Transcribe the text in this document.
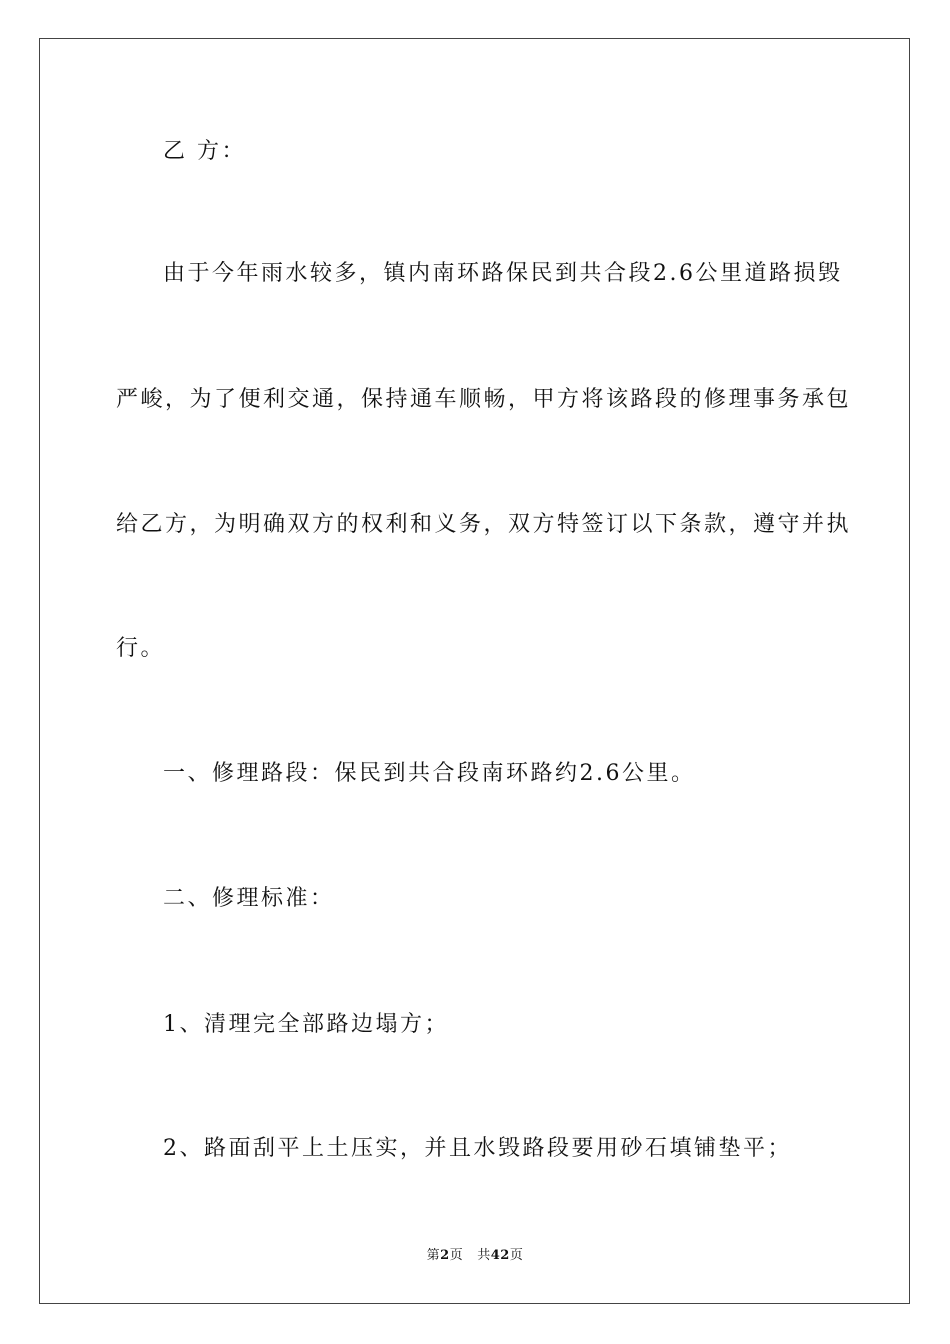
乙 方：
由于今年雨水较多，镇内南环路保民到共合段2.6公里道路损毁
严峻，为了便利交通，保持通车顺畅，甲方将该路段的修理事务承包
给乙方，为明确双方的权利和义务，双方特签订以下条款，遵守并执
行。
一、修理路段：保民到共合段南环路约2.6公里。
二、修理标准：
1、清理完全部路边塌方；
2、路面刮平上土压实，并且水毁路段要用砂石填铺垫平；
第2页 共42页
